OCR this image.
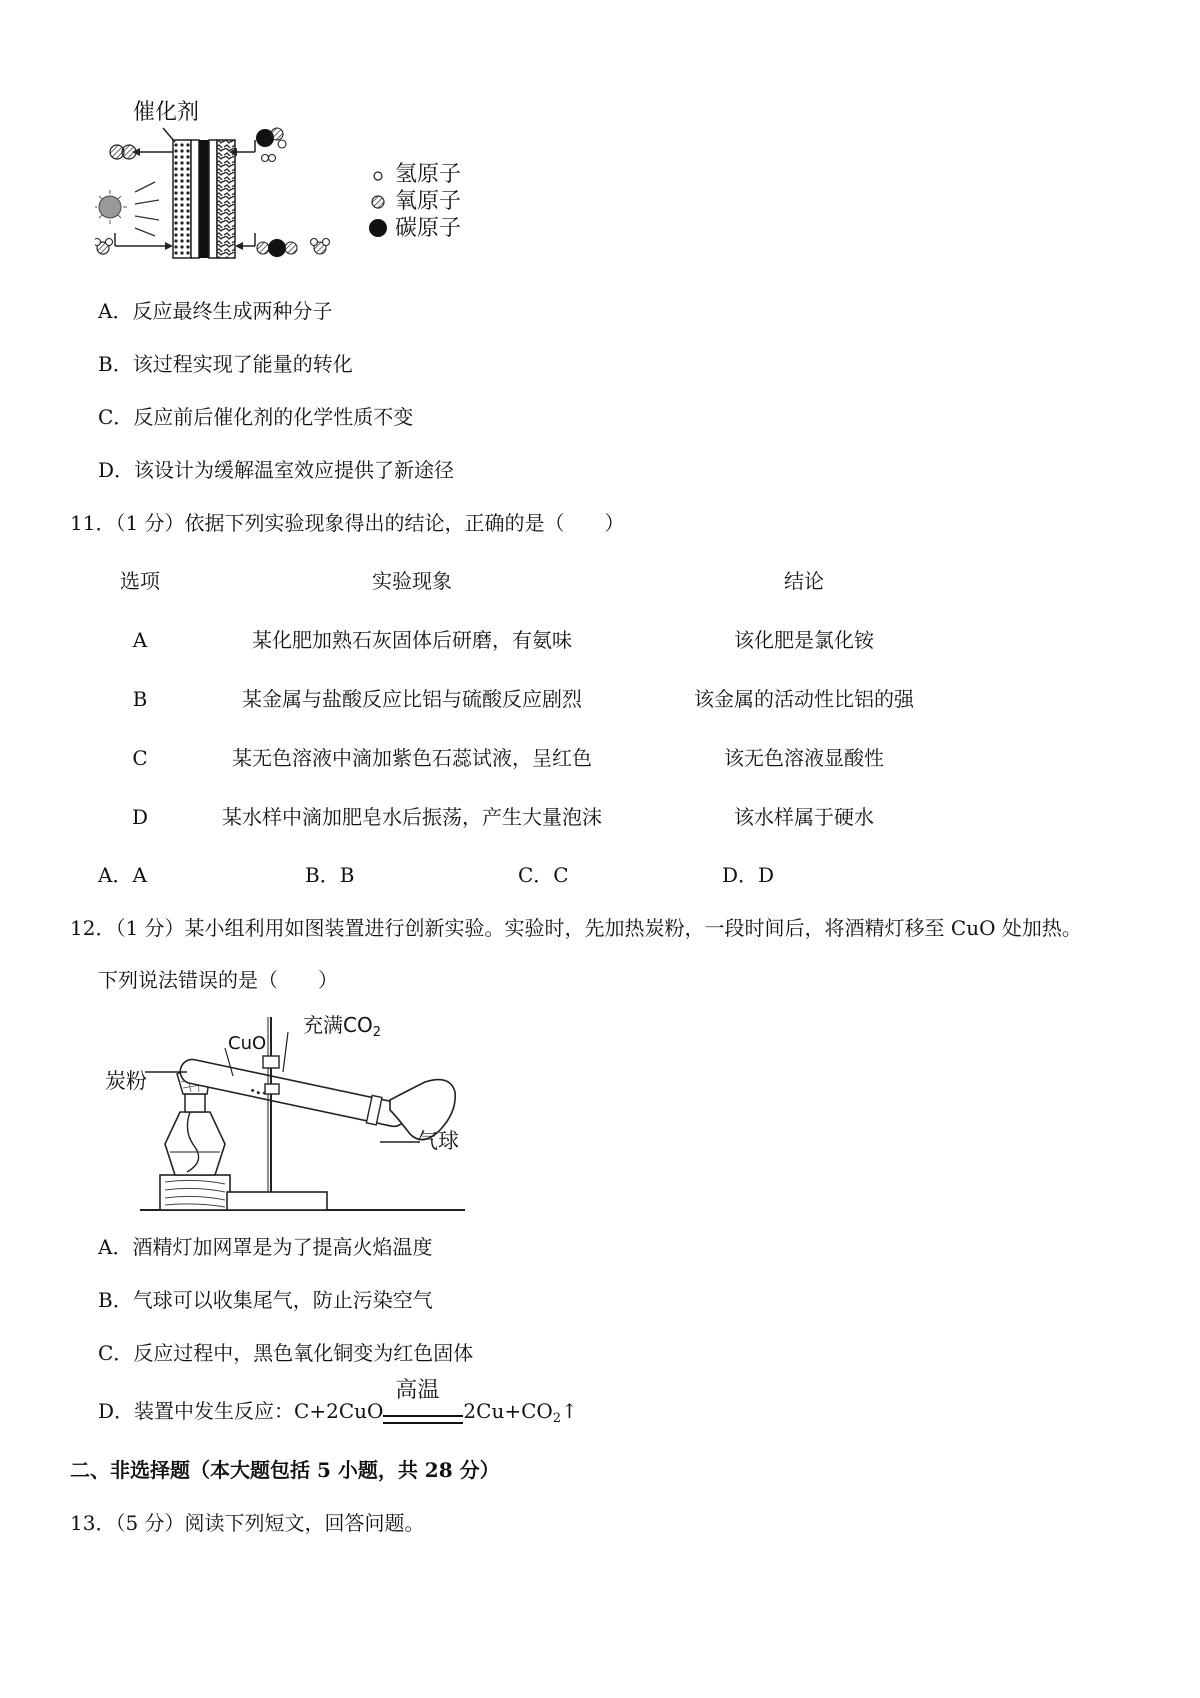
催化剂
氢原子
氧原子
碳原子
A．反应最终生成两种分子
B．该过程实现了能量的转化
C．反应前后催化剂的化学性质不变
D．该设计为缓解温室效应提供了新途径
11．（1 分）依据下列实验现象得出的结论，正确的是（　　）
选项	实验现象	结论
A	某化肥加熟石灰固体后研磨，有氨味	该化肥是氯化铵
B	某金属与盐酸反应比铝与硫酸反应剧烈	该金属的活动性比铝的强
C	某无色溶液中滴加紫色石蕊试液，呈红色	该无色溶液显酸性
D	某水样中滴加肥皂水后振荡，产生大量泡沫	该水样属于硬水
A．A	B．B	C．C	D．D
12．（1 分）某小组利用如图装置进行创新实验。实验时，先加热炭粉，一段时间后，将酒精灯移至 CuO 处加热。
下列说法错误的是（　　）
CuO
充满$CO_2$
炭粉
气球
A．酒精灯加网罩是为了提高火焰温度
B．气球可以收集尾气，防止污染空气
C．反应过程中，黑色氧化铜变为红色固体
D．装置中发生反应：C+2CuO
高温
$2Cu+CO_2↑$
二、非选择题（本大题包括 5 小题，共 28 分）
13．（5 分）阅读下列短文，回答问题。
